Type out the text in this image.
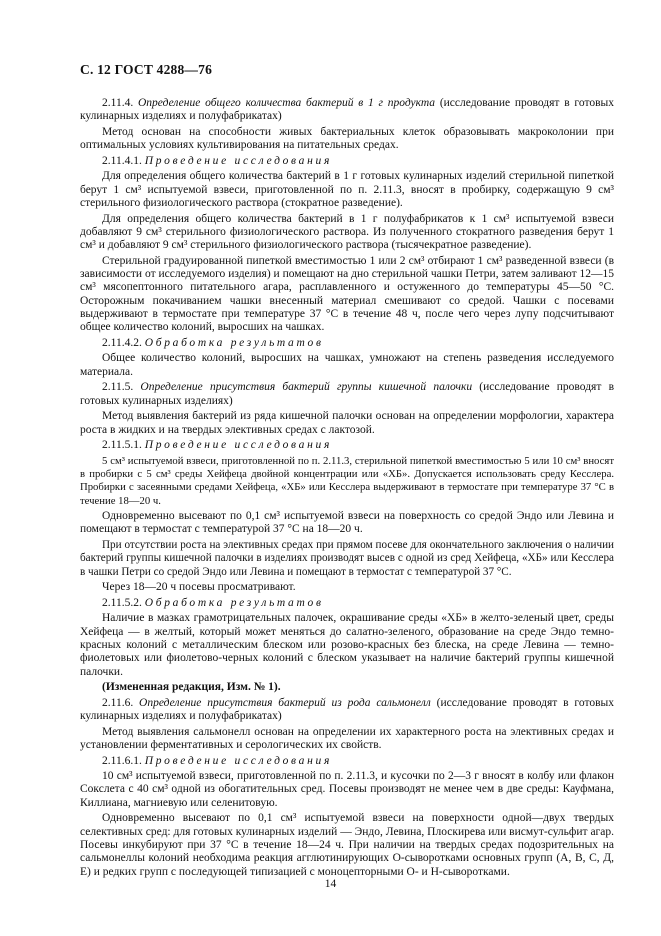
С. 12 ГОСТ 4288—76

2.11.4. Определение общего количества бактерий в 1 г продукта (исследование проводят в готовых кулинарных изделиях и полуфабрикатах)

Метод основан на способности живых бактериальных клеток образовывать макроколонии при оптимальных условиях культивирования на питательных средах.

2.11.4.1. Проведение исследования

Для определения общего количества бактерий в 1 г готовых кулинарных изделий стерильной пипеткой берут 1 см³ испытуемой взвеси, приготовленной по п. 2.11.3, вносят в пробирку, содержащую 9 см³ стерильного физиологического раствора (стократное разведение).

Для определения общего количества бактерий в 1 г полуфабрикатов к 1 см³ испытуемой взвеси добавляют 9 см³ стерильного физиологического раствора. Из полученного стократного разведения берут 1 см³ и добавляют 9 см³ стерильного физиологического раствора (тысячекратное разведение).

Стерильной градуированной пипеткой вместимостью 1 или 2 см³ отбирают 1 см³ разведенной взвеси (в зависимости от исследуемого изделия) и помещают на дно стерильной чашки Петри, затем заливают 12—15 см³ мясопептонного питательного агара, расплавленного и остуженного до температуры 45—50 °С. Осторожным покачиванием чашки внесенный материал смешивают со средой. Чашки с посевами выдерживают в термостате при температуре 37 °С в течение 48 ч, после чего через лупу подсчитывают общее количество колоний, выросших на чашках.

2.11.4.2. Обработка результатов

Общее количество колоний, выросших на чашках, умножают на степень разведения исследуемого материала.

2.11.5. Определение присутствия бактерий группы кишечной палочки (исследование проводят в готовых кулинарных изделиях)

Метод выявления бактерий из ряда кишечной палочки основан на определении морфологии, характера роста в жидких и на твердых элективных средах с лактозой.

2.11.5.1. Проведение исследования

5 см³ испытуемой взвеси, приготовленной по п. 2.11.3, стерильной пипеткой вместимостью 5 или 10 см³ вносят в пробирки с 5 см³ среды Хейфеца двойной концентрации или «ХБ». Допускается использовать среду Кесслера. Пробирки с засеянными средами Хейфеца, «ХБ» или Кесслера выдерживают в термостате при температуре 37 °С в течение 18—20 ч.

Одновременно высевают по 0,1 см³ испытуемой взвеси на поверхность со средой Эндо или Левина и помещают в термостат с температурой 37 °С на 18—20 ч.

При отсутствии роста на элективных средах при прямом посеве для окончательного заключения о наличии бактерий группы кишечной палочки в изделиях производят высев с одной из сред Хейфеца, «ХБ» или Кесслера в чашки Петри со средой Эндо или Левина и помещают в термостат с температурой 37 °С.

Через 18—20 ч посевы просматривают.

2.11.5.2. Обработка результатов

Наличие в мазках грамотрицательных палочек, окрашивание среды «ХБ» в желто-зеленый цвет, среды Хейфеца — в желтый, который может меняться до салатно-зеленого, образование на среде Эндо темно-красных колоний с металлическим блеском или розово-красных без блеска, на среде Левина — темно-фиолетовых или фиолетово-черных колоний с блеском указывает на наличие бактерий группы кишечной палочки.

(Измененная редакция, Изм. № 1).

2.11.6. Определение присутствия бактерий из рода сальмонелл (исследование проводят в готовых кулинарных изделиях и полуфабрикатах)

Метод выявления сальмонелл основан на определении их характерного роста на элективных средах и установлении ферментативных и серологических их свойств.

2.11.6.1. Проведение исследования

10 см³ испытуемой взвеси, приготовленной по п. 2.11.3, и кусочки по 2—3 г вносят в колбу или флакон Сокслета с 40 см³ одной из обогатительных сред. Посевы производят не менее чем в две среды: Кауфмана, Киллиана, магниевую или селенитовую.

Одновременно высевают по 0,1 см³ испытуемой взвеси на поверхности одной—двух твердых селективных сред: для готовых кулинарных изделий — Эндо, Левина, Плоскирева или висмут-сульфит агар. Посевы инкубируют при 37 °С в течение 18—24 ч. При наличии на твердых средах подозрительных на сальмонеллы колоний необходима реакция агглютинирующих О-сыворотками основных групп (А, В, С, Д, Е) и редких групп с последующей типизацией с моноцепторными О- и Н-сыворотками.

14
